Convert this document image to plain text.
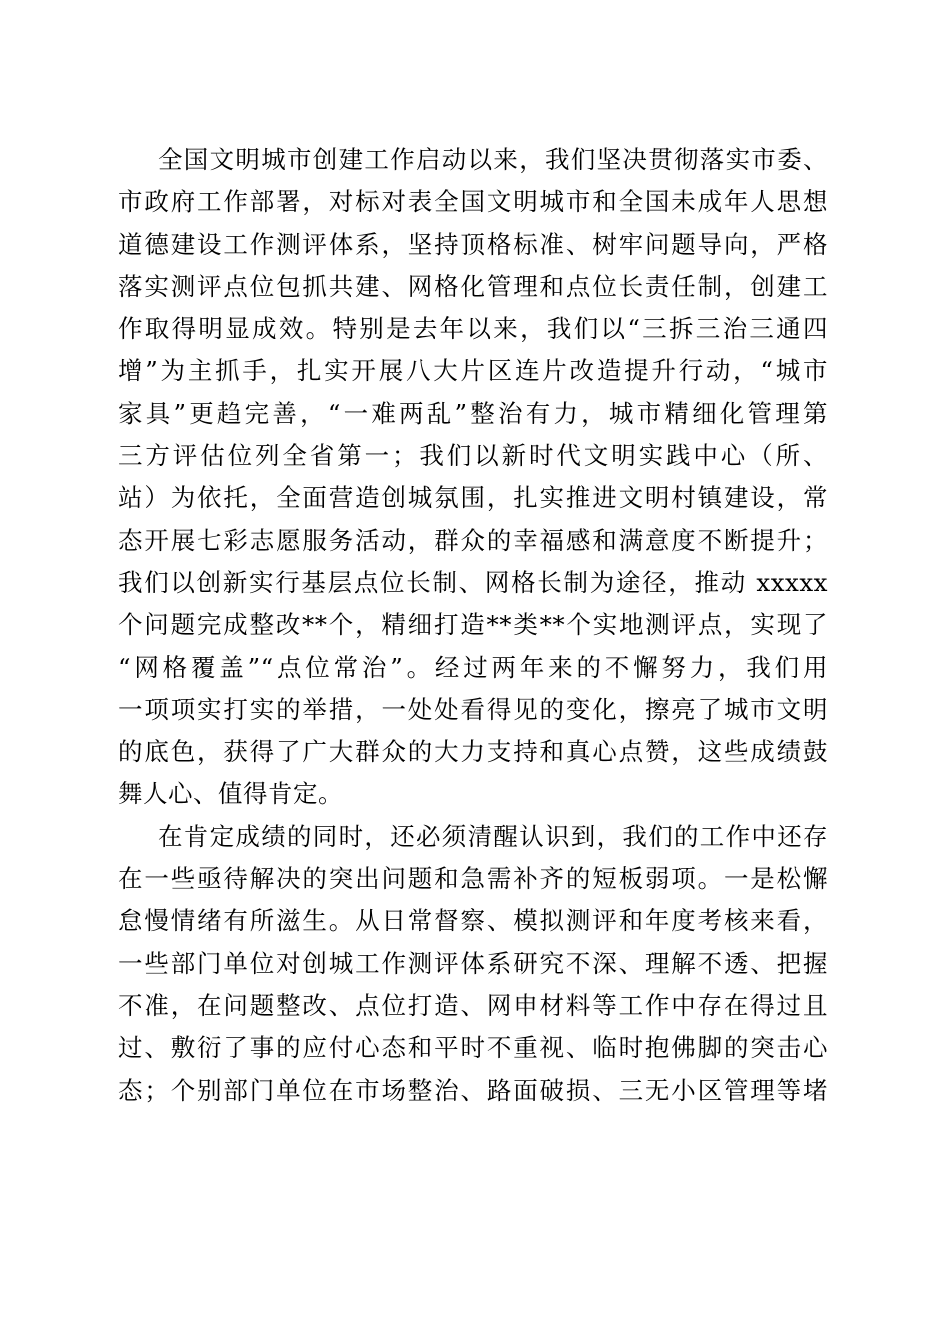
全国文明城市创建工作启动以来，我们坚决贯彻落实市委、
市政府工作部署，对标对表全国文明城市和全国未成年人思想
道德建设工作测评体系，坚持顶格标准、树牢问题导向，严格
落实测评点位包抓共建、网格化管理和点位长责任制，创建工
作取得明显成效。特别是去年以来，我们以“三拆三治三通四
增”为主抓手，扎实开展八大片区连片改造提升行动，“城市
家具”更趋完善，“一难两乱”整治有力，城市精细化管理第
三方评估位列全省第一；我们以新时代文明实践中心（所、
站）为依托，全面营造创城氛围，扎实推进文明村镇建设，常
态开展七彩志愿服务活动，群众的幸福感和满意度不断提升；
我们以创新实行基层点位长制、网格长制为途径，推动 xxxxx
个问题完成整改**个，精细打造**类**个实地测评点，实现了
“网格覆盖”“点位常治”。经过两年来的不懈努力，我们用
一项项实打实的举措，一处处看得见的变化，擦亮了城市文明
的底色，获得了广大群众的大力支持和真心点赞，这些成绩鼓
舞人心、值得肯定。
在肯定成绩的同时，还必须清醒认识到，我们的工作中还存
在一些亟待解决的突出问题和急需补齐的短板弱项。一是松懈
怠慢情绪有所滋生。从日常督察、模拟测评和年度考核来看，
一些部门单位对创城工作测评体系研究不深、理解不透、把握
不准，在问题整改、点位打造、网申材料等工作中存在得过且
过、敷衍了事的应付心态和平时不重视、临时抱佛脚的突击心
态；个别部门单位在市场整治、路面破损、三无小区管理等堵
